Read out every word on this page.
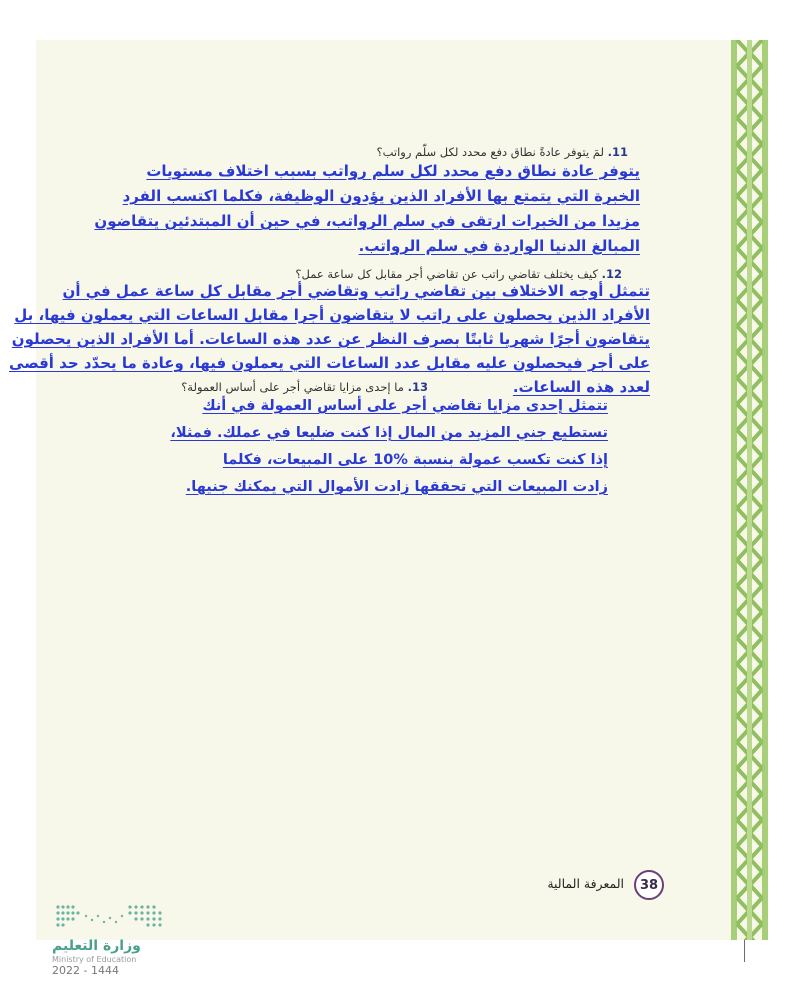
11. لمَ يتوفر عادةً نطاق دفع محدد لكل سلّم رواتب؟
يتوفر عادة نطاق دفع محدد لكل سلم رواتب بسبب اختلاف مستويات
الخبرة التي يتمتع بها الأفراد الذين يؤدون الوظيفة، فكلما اكتسب الفرد
مزيدا من الخبرات ارتقى في سلم الرواتب، في حين أن المبتدئين يتقاضون
المبالغ الدنيا الواردة في سلم الرواتب.
12. كيف يختلف تقاضي راتب عن تقاضي أجر مقابل كل ساعة عمل؟
تتمثل أوجه الاختلاف بين تقاضي راتب وتقاضي أجر مقابل كل ساعة عمل في أن
الأفراد الذين يحصلون على راتب لا يتقاضون أجرا مقابل الساعات التي يعملون فيها، بل
يتقاضون أجرًا شهريا ثابتًا بصرف النظر عن عدد هذه الساعات. أما الأفراد الذين يحصلون
على أجر فيحصلون عليه مقابل عدد الساعات التي يعملون فيها، وعادة ما يحدّد حد أقصى
لعدد هذه الساعات.
13. ما إحدى مزايا تقاضي أجر على أساس العمولة؟
تتمثل إحدى مزايا تقاضي أجر على أساس العمولة في أنك
تستطيع جني المزيد من المال إذا كنت ضليعا في عملك. فمثلا،
إذا كنت تكسب عمولة بنسبة %10 على المبيعات، فكلما
زادت المبيعات التي تحققها زادت الأموال التي يمكنك جنيها.
38
المعرفة المالية
وزارة التعليم
Ministry of Education
2022 - 1444
